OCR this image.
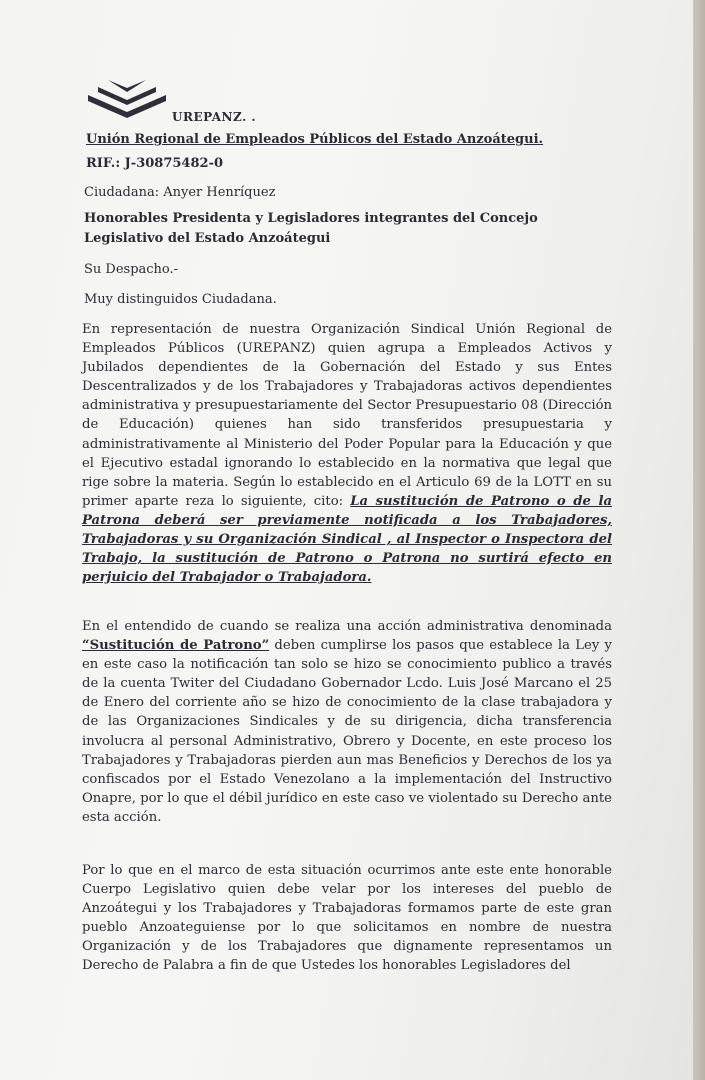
UREPANZ. .
Unión Regional de Empleados Públicos del Estado Anzoátegui.
RIF.: J-30875482-0
Ciudadana: Anyer Henríquez
Honorables Presidenta y Legisladores integrantes del Concejo
Legislativo del Estado Anzoátegui
Su Despacho.-
Muy distinguidos Ciudadana.
En representación de nuestra Organización Sindical Unión Regional de Empleados Públicos (UREPANZ) quien agrupa a Empleados Activos y Jubilados dependientes de la Gobernación del Estado y sus Entes Descentralizados y de los Trabajadores y Trabajadoras activos dependientes administrativa y presupuestariamente del Sector Presupuestario 08 (Dirección de Educación) quienes han sido transferidos presupuestaria y administrativamente al Ministerio del Poder Popular para la Educación y que el Ejecutivo estadal ignorando lo establecido en la normativa que legal que rige sobre la materia. Según lo establecido en el Articulo 69 de la LOTT en su primer aparte reza lo siguiente, cito: La sustitución de Patrono o de la Patrona deberá ser previamente notificada a los Trabajadores, Trabajadoras y su Organización Sindical , al Inspector o Inspectora del Trabajo, la sustitución de Patrono o Patrona no surtirá efecto en perjuicio del Trabajador o Trabajadora.
En el entendido de cuando se realiza una acción administrativa denominada “Sustitución de Patrono” deben cumplirse los pasos que establece la Ley y en este caso la notificación tan solo se hizo se conocimiento publico a través de la cuenta Twiter del Ciudadano Gobernador Lcdo. Luis José Marcano el 25 de Enero del corriente año se hizo de conocimiento de la clase trabajadora y de las Organizaciones Sindicales y de su dirigencia, dicha transferencia involucra al personal Administrativo, Obrero y Docente, en este proceso los Trabajadores y Trabajadoras pierden aun mas Beneficios y Derechos de los ya confiscados por el Estado Venezolano a la implementación del Instructivo Onapre, por lo que el débil jurídico en este caso ve violentado su Derecho ante esta acción.
Por lo que en el marco de esta situación ocurrimos ante este ente honorable Cuerpo Legislativo quien debe velar por los intereses del pueblo de Anzoátegui y los Trabajadores y Trabajadoras formamos parte de este gran pueblo Anzoateguiense por lo que solicitamos en nombre de nuestra Organización y de los Trabajadores que dignamente representamos un Derecho de Palabra a fin de que Ustedes los honorables Legisladores del
